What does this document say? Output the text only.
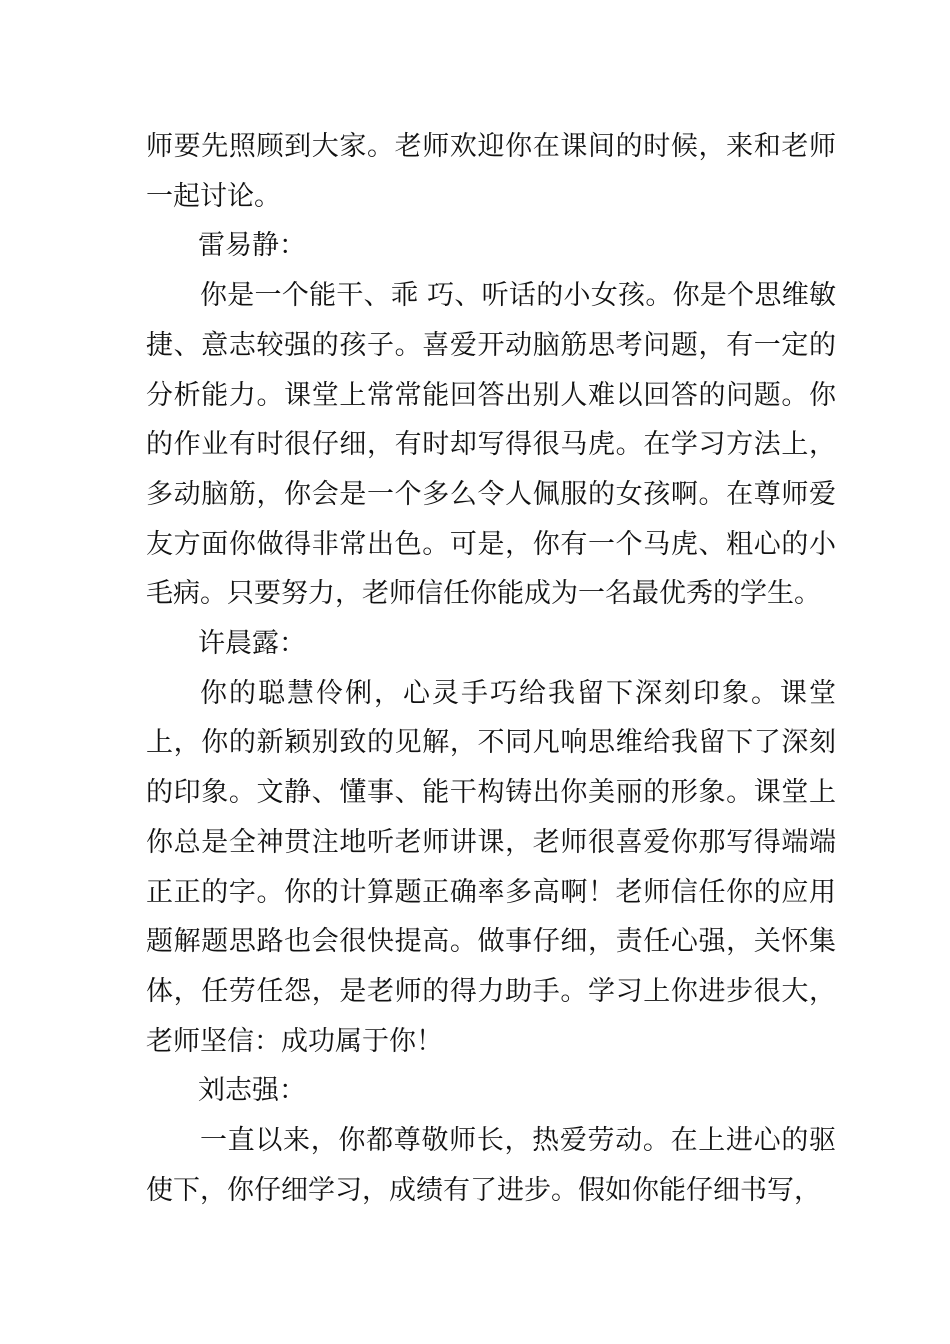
师要先照顾到大家。老师欢迎你在课间的时候，来和老师一起讨论。

雷易静：

你是一个能干、乖 巧、听话的小女孩。你是个思维敏捷、意志较强的孩子。喜爱开动脑筋思考问题，有一定的分析能力。课堂上常常能回答出别人难以回答的问题。你的作业有时很仔细，有时却写得很马虎。在学习方法上，多动脑筋，你会是一个多么令人佩服的女孩啊。在尊师爱友方面你做得非常出色。可是，你有一个马虎、粗心的小毛病。只要努力，老师信任你能成为一名最优秀的学生。

许晨露：

你的聪慧伶俐，心灵手巧给我留下深刻印象。课堂上，你的新颖别致的见解，不同凡响思维给我留下了深刻的印象。文静、懂事、能干构铸出你美丽的形象。课堂上你总是全神贯注地听老师讲课，老师很喜爱你那写得端端正正的字。你的计算题正确率多高啊！老师信任你的应用题解题思路也会很快提高。做事仔细，责任心强，关怀集体，任劳任怨，是老师的得力助手。学习上你进步很大，老师坚信：成功属于你！

刘志强：

一直以来，你都尊敬师长，热爱劳动。在上进心的驱使下，你仔细学习，成绩有了进步。假如你能仔细书写，
